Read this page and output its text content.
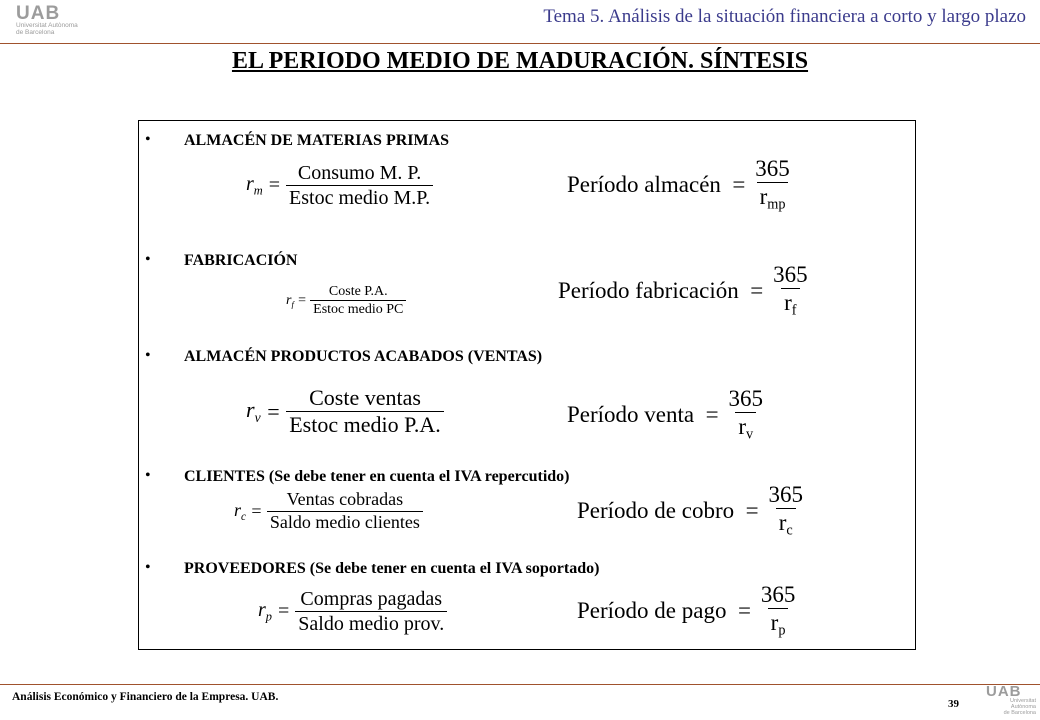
UAB
Universitat Autònoma
de Barcelona
UAB
Universitat Autònoma
de Barcelona
Tema 5. Análisis de la situación financiera a corto y largo plazo
EL PERIODO MEDIO DE MADURACIÓN. SÍNTESIS
• ALMACÉN DE MATERIAS PRIMAS
$r_m = \frac{\text{Consumo M. P.}}{\text{Estoc medio M.P.}}$	Período almacén = $\frac{365}{r_{mp}}$
• FABRICACIÓN
$r_f = \frac{\text{Coste P.A.}}{\text{Estoc medio PC}}$	Período fabricación = $\frac{365}{r_f}$
• ALMACÉN PRODUCTOS ACABADOS (VENTAS)
$r_v = \frac{\text{Coste ventas}}{\text{Estoc medio P.A.}}$	Período venta = $\frac{365}{r_v}$
• CLIENTES (Se debe tener en cuenta el IVA repercutido)
$r_c = \frac{\text{Ventas cobradas}}{\text{Saldo medio clientes}}$	Período de cobro = $\frac{365}{r_c}$
• PROVEEDORES (Se debe tener en cuenta el IVA soportado)
$r_p = \frac{\text{Compras pagadas}}{\text{Saldo medio prov.}}$	Período de pago = $\frac{365}{r_p}$
Análisis Económico y Financiero de la Empresa. UAB.
39
